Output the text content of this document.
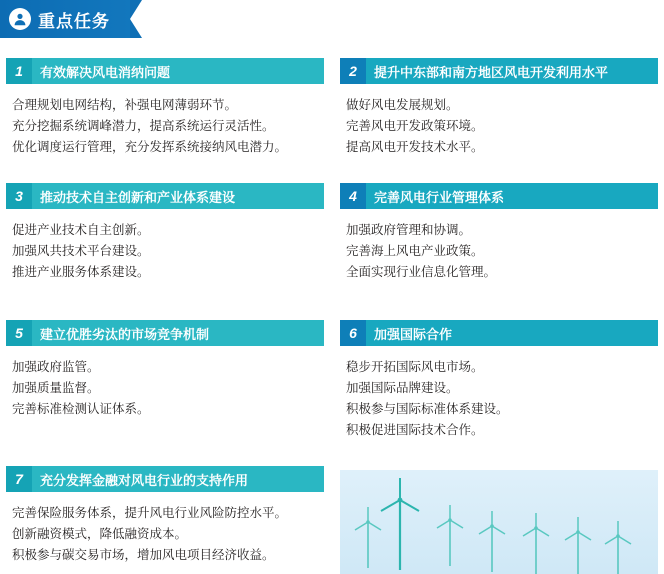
重点任务
1	有效解决风电消纳问题
合理规划电网结构，补强电网薄弱环节。
充分挖掘系统调峰潜力，提高系统运行灵活性。
优化调度运行管理，充分发挥系统接纳风电潜力。
2	提升中东部和南方地区风电开发利用水平
做好风电发展规划。
完善风电开发政策环境。
提高风电开发技术水平。
3	推动技术自主创新和产业体系建设
促进产业技术自主创新。
加强风共技术平台建设。
推进产业服务体系建设。
4	完善风电行业管理体系
加强政府管理和协调。
完善海上风电产业政策。
全面实现行业信息化管理。
5	建立优胜劣汰的市场竞争机制
加强政府监管。
加强质量监督。
完善标准检测认证体系。
6	加强国际合作
稳步开拓国际风电市场。
加强国际品牌建设。
积极参与国际标准体系建设。
积极促进国际技术合作。
7	充分发挥金融对风电行业的支持作用
完善保险服务体系，提升风电行业风险防控水平。
创新融资模式，降低融资成本。
积极参与碳交易市场，增加风电项目经济收益。
